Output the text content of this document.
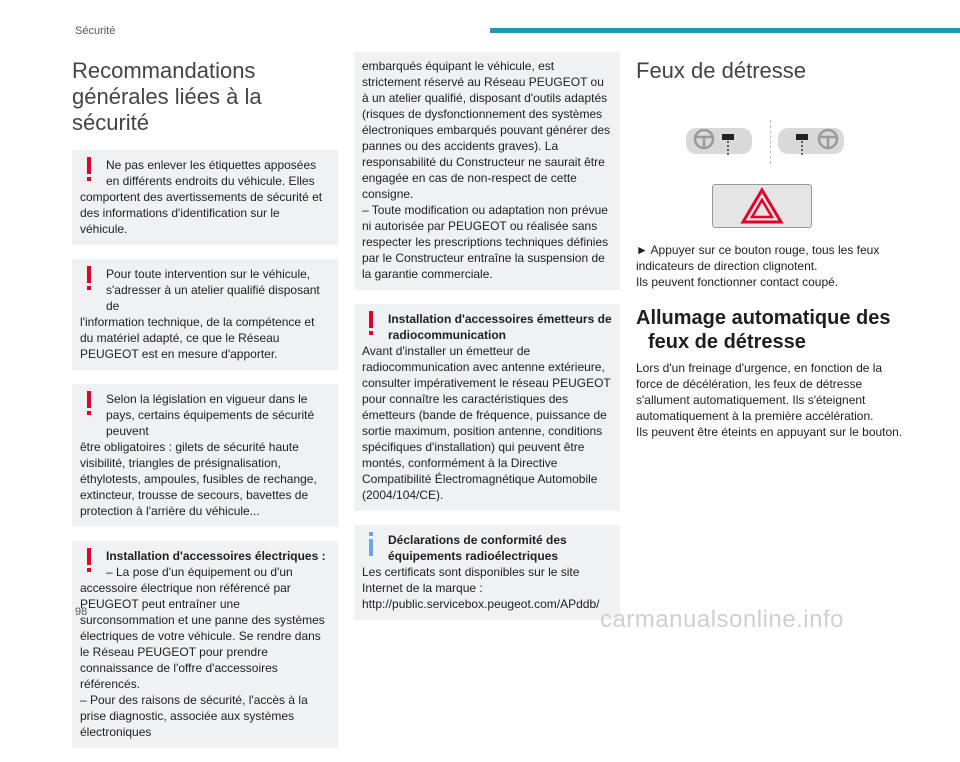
Sécurité
Recommandations
générales liées à la sécurité
Ne pas enlever les étiquettes apposées en différents endroits du véhicule. Elles
comportent des avertissements de sécurité et des informations d'identification sur le véhicule.
Pour toute intervention sur le véhicule, s'adresser à un atelier qualifié disposant de
l'information technique, de la compétence et du matériel adapté, ce que le Réseau PEUGEOT est en mesure d'apporter.
Selon la législation en vigueur dans le pays, certains équipements de sécurité peuvent
être obligatoires : gilets de sécurité haute visibilité, triangles de présignalisation, éthylotests, ampoules, fusibles de rechange, extincteur, trousse de secours, bavettes de protection à l'arrière du véhicule...
Installation d'accessoires électriques :
– La pose d'un équipement ou d'un
accessoire électrique non référencé par PEUGEOT peut entraîner une surconsommation et une panne des systèmes électriques de votre véhicule. Se rendre dans le Réseau PEUGEOT pour prendre connaissance de l'offre d'accessoires référencés.
– Pour des raisons de sécurité, l'accès à la prise diagnostic, associée aux systèmes électroniques
embarqués équipant le véhicule, est strictement réservé au Réseau PEUGEOT ou à un atelier qualifié, disposant d'outils adaptés (risques de dysfonctionnement des systèmes électroniques embarqués pouvant générer des pannes ou des accidents graves). La responsabilité du Constructeur ne saurait être engagée en cas de non-respect de cette consigne.
– Toute modification ou adaptation non prévue ni autorisée par PEUGEOT ou réalisée sans respecter les prescriptions techniques définies par le Constructeur entraîne la suspension de la garantie commerciale.
Installation d'accessoires émetteurs de radiocommunication
Avant d'installer un émetteur de radiocommunication avec antenne extérieure, consulter impérativement le réseau PEUGEOT pour connaître les caractéristiques des émetteurs (bande de fréquence, puissance de sortie maximum, position antenne, conditions spécifiques d'installation) qui peuvent être montés, conformément à la Directive Compatibilité Électromagnétique Automobile (2004/104/CE).
Déclarations de conformité des équipements radioélectriques
Les certificats sont disponibles sur le site Internet de la marque :
http://public.servicebox.peugeot.com/APddb/
Feux de détresse
► Appuyer sur ce bouton rouge, tous les feux indicateurs de direction clignotent.
Ils peuvent fonctionner contact coupé.
Allumage automatique des
feux de détresse
Lors d'un freinage d'urgence, en fonction de la force de décélération, les feux de détresse s'allument automatiquement. Ils s'éteignent automatiquement à la première accélération.
Ils peuvent être éteints en appuyant sur le bouton.
98	carmanualsonline.info
